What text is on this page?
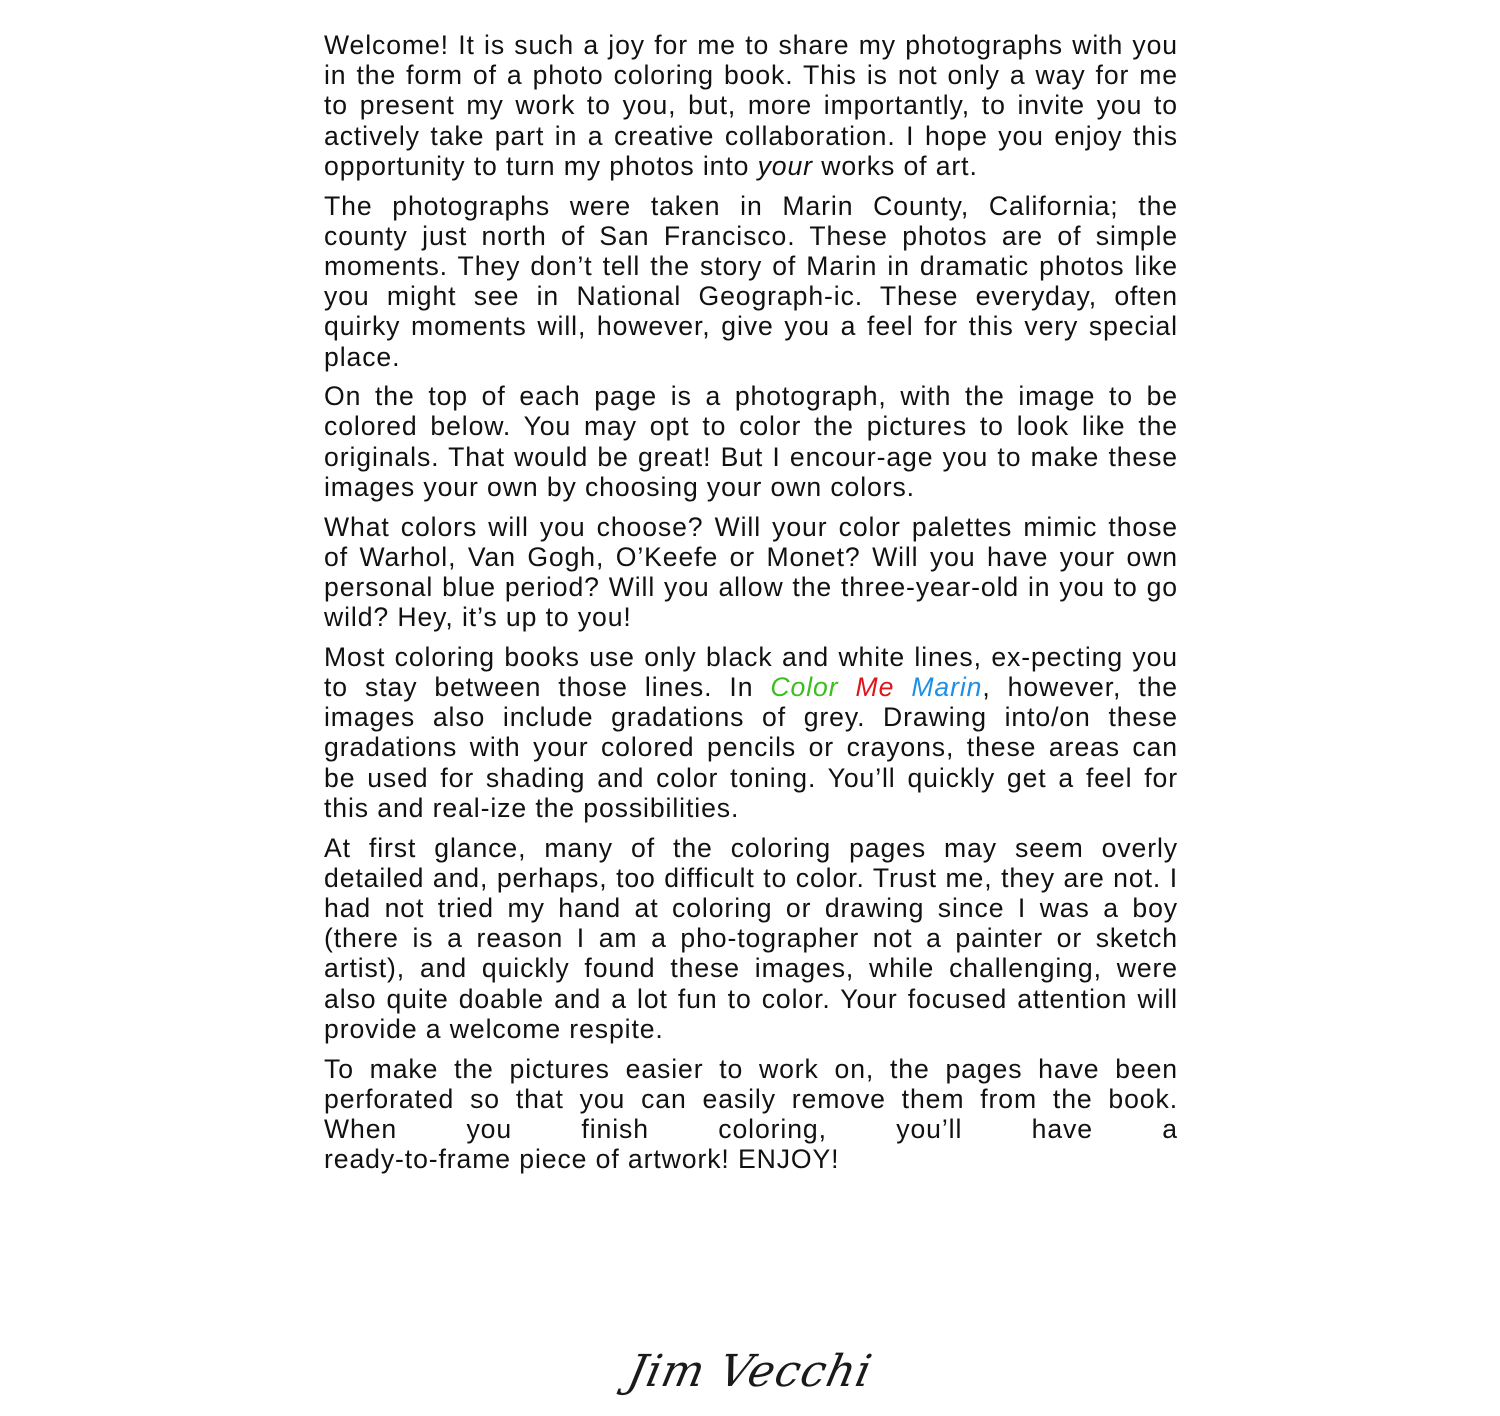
Welcome! It is such a joy for me to share my photographs with you in the form of a photo coloring book. This is not only a way for me to present my work to you, but, more importantly, to invite you to actively take part in a creative collaboration. I hope you enjoy this opportunity to turn my photos into your works of art.

The photographs were taken in Marin County, California; the county just north of San Francisco. These photos are of simple moments. They don’t tell the story of Marin in dramatic photos like you might see in National Geograph-ic. These everyday, often quirky moments will, however, give you a feel for this very special place.

On the top of each page is a photograph, with the image to be colored below. You may opt to color the pictures to look like the originals. That would be great! But I encour-age you to make these images your own by choosing your own colors.

What colors will you choose? Will your color palettes mimic those of Warhol, Van Gogh, O’Keefe or Monet? Will you have your own personal blue period? Will you allow the three-year-old in you to go wild? Hey, it’s up to you!

Most coloring books use only black and white lines, ex-pecting you to stay between those lines. In Color Me Marin, however, the images also include gradations of grey. Drawing into/on these gradations with your colored pencils or crayons, these areas can be used for shading and color toning. You’ll quickly get a feel for this and real-ize the possibilities.

At first glance, many of the coloring pages may seem overly detailed and, perhaps, too difficult to color. Trust me, they are not. I had not tried my hand at coloring or drawing since I was a boy (there is a reason I am a pho-tographer not a painter or sketch artist), and quickly found these images, while challenging, were also quite doable and a lot fun to color. Your focused attention will provide a welcome respite.

To make the pictures easier to work on, the pages have been perforated so that you can easily remove them from the book. When you finish coloring, you’ll have a

ready-to-frame piece of artwork! ENJOY!

Jim Vecchi
